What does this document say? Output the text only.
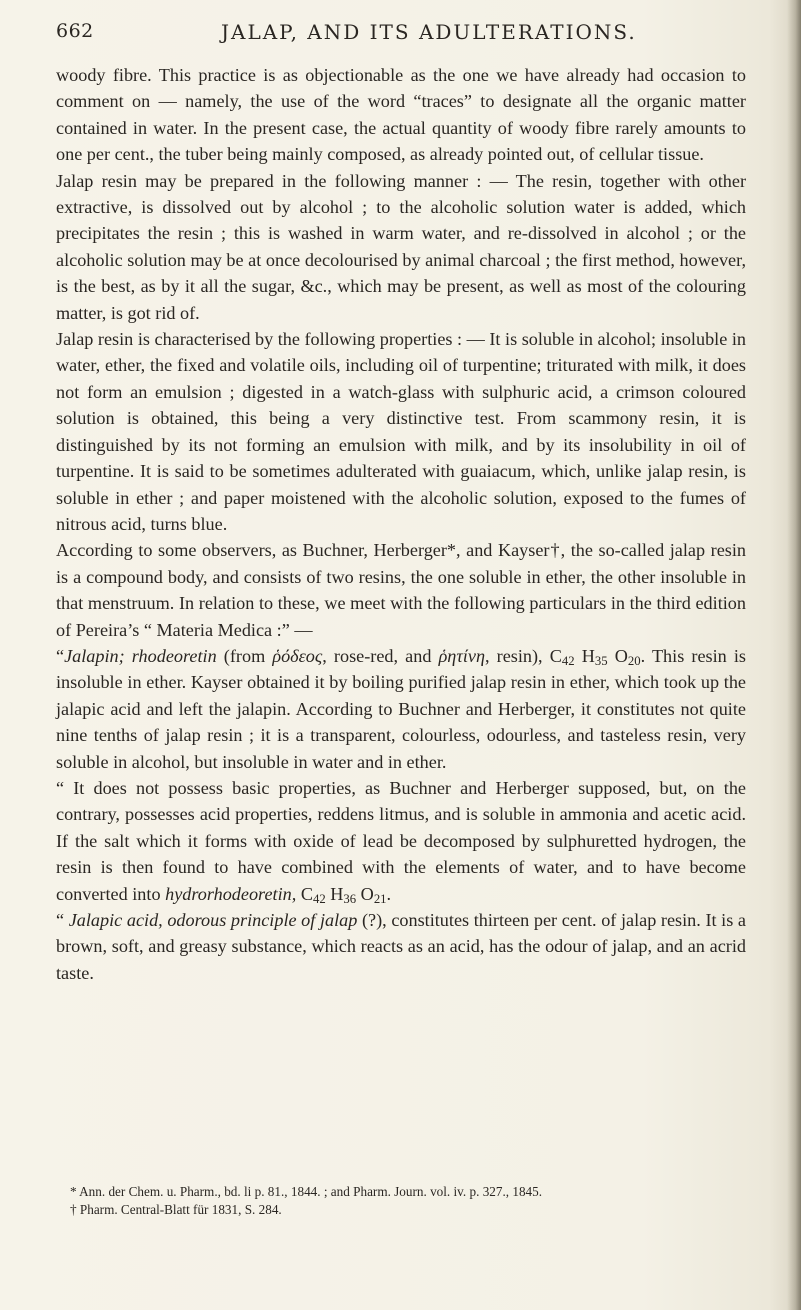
662	JALAP, AND ITS ADULTERATIONS.

woody fibre. This practice is as objectionable as the one we have already had occasion to comment on — namely, the use of the word “traces” to designate all the organic matter contained in water. In the present case, the actual quantity of woody fibre rarely amounts to one per cent., the tuber being mainly composed, as already pointed out, of cellular tissue.

Jalap resin may be prepared in the following manner : — The resin, together with other extractive, is dissolved out by alcohol ; to the alcoholic solution water is added, which precipitates the resin ; this is washed in warm water, and re-dissolved in alcohol ; or the alcoholic solution may be at once decolourised by animal charcoal ; the first method, however, is the best, as by it all the sugar, &c., which may be present, as well as most of the colouring matter, is got rid of.

Jalap resin is characterised by the following properties : — It is soluble in alcohol; insoluble in water, ether, the fixed and volatile oils, including oil of turpentine; triturated with milk, it does not form an emulsion ; digested in a watch-glass with sulphuric acid, a crimson coloured solution is obtained, this being a very distinctive test. From scammony resin, it is distinguished by its not forming an emulsion with milk, and by its insolubility in oil of turpentine. It is said to be sometimes adulterated with guaiacum, which, unlike jalap resin, is soluble in ether ; and paper moistened with the alcoholic solution, exposed to the fumes of nitrous acid, turns blue.

According to some observers, as Buchner, Herberger*, and Kayser†, the so-called jalap resin is a compound body, and consists of two resins, the one soluble in ether, the other insoluble in that menstruum. In relation to these, we meet with the following particulars in the third edition of Pereira’s “ Materia Medica :” —

“Jalapin; rhodeoretin (from ῥόδεος, rose-red, and ῥητίνη, resin), $C_{42}$ $H_{35}$ $O_{20}$. This resin is insoluble in ether. Kayser obtained it by boiling purified jalap resin in ether, which took up the jalapic acid and left the jalapin. According to Buchner and Herberger, it constitutes not quite nine tenths of jalap resin ; it is a transparent, colourless, odourless, and tasteless resin, very soluble in alcohol, but insoluble in water and in ether.

“ It does not possess basic properties, as Buchner and Herberger supposed, but, on the contrary, possesses acid properties, reddens litmus, and is soluble in ammonia and acetic acid. If the salt which it forms with oxide of lead be decomposed by sulphuretted hydrogen, the resin is then found to have combined with the elements of water, and to have become converted into hydrorhodeoretin, $C_{42}$ $H_{36}$ $O_{21}$.

“ Jalapic acid, odorous principle of jalap (?), constitutes thirteen per cent. of jalap resin. It is a brown, soft, and greasy substance, which reacts as an acid, has the odour of jalap, and an acrid taste.

* Ann. der Chem. u. Pharm., bd. li p. 81., 1844. ; and Pharm. Journ. vol. iv. p. 327., 1845.
† Pharm. Central-Blatt für 1831, S. 284.
